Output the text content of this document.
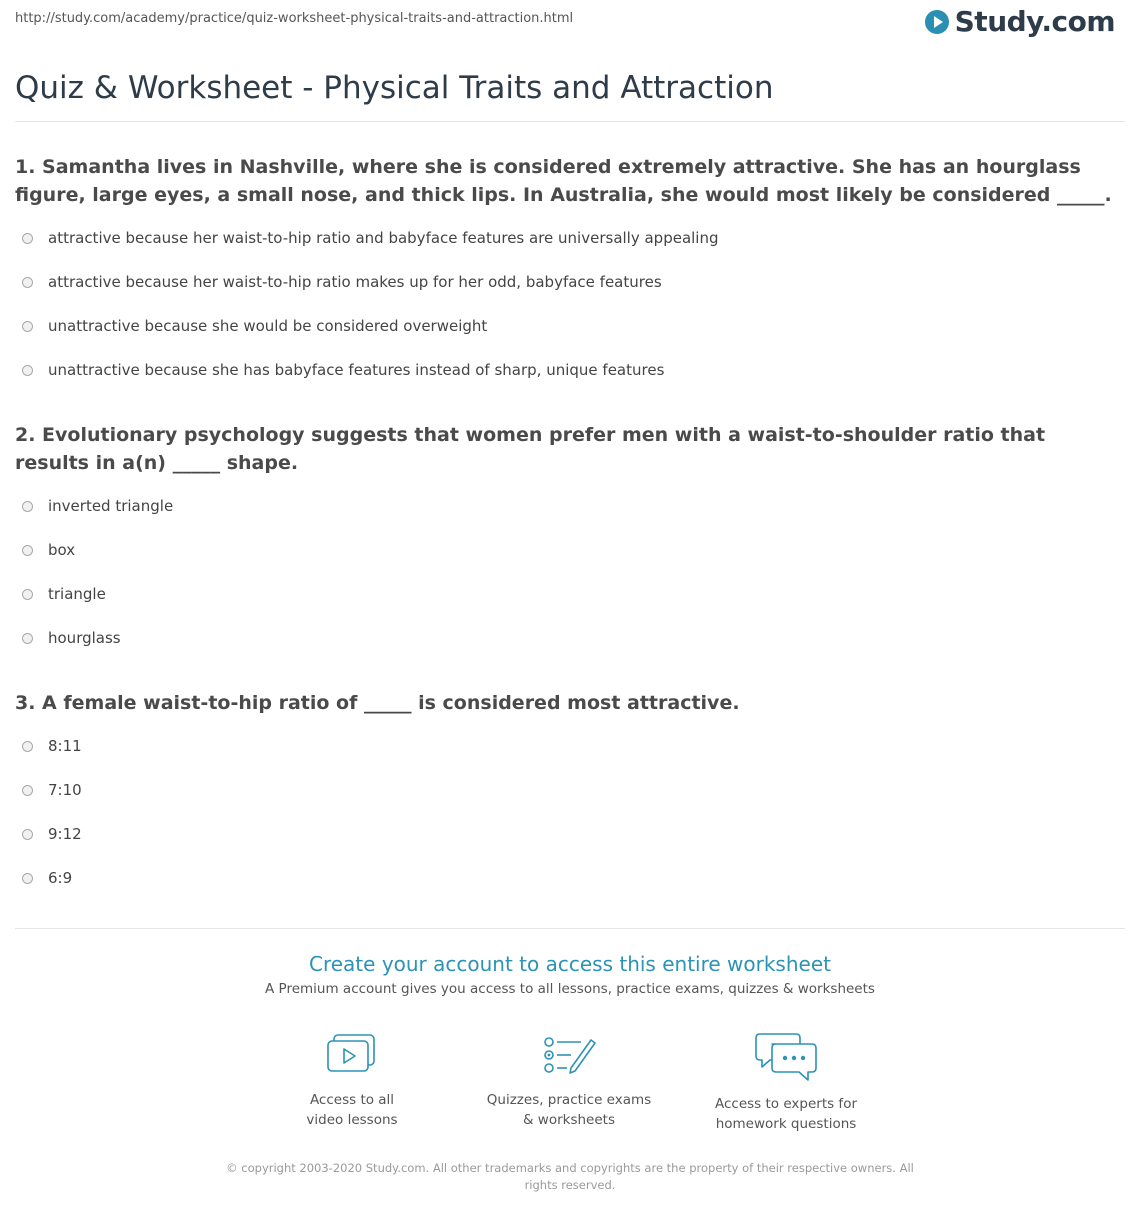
http://study.com/academy/practice/quiz-worksheet-physical-traits-and-attraction.html	Study.com
Quiz & Worksheet - Physical Traits and Attraction

1. Samantha lives in Nashville, where she is considered extremely attractive. She has an hourglass figure, large eyes, a small nose, and thick lips. In Australia, she would most likely be considered _____.

attractive because her waist-to-hip ratio and babyface features are universally appealing
attractive because her waist-to-hip ratio makes up for her odd, babyface features
unattractive because she would be considered overweight
unattractive because she has babyface features instead of sharp, unique features

2. Evolutionary psychology suggests that women prefer men with a waist-to-shoulder ratio that results in a(n) _____ shape.

inverted triangle
box
triangle
hourglass

3. A female waist-to-hip ratio of _____ is considered most attractive.

8:11
7:10
9:12
6:9
Create your account to access this entire worksheet
A Premium account gives you access to all lessons, practice exams, quizzes & worksheets
Access to all
video lessons
Quizzes, practice exams
& worksheets
Access to experts for
homework questions
© copyright 2003-2020 Study.com. All other trademarks and copyrights are the property of their respective owners. All rights reserved.
